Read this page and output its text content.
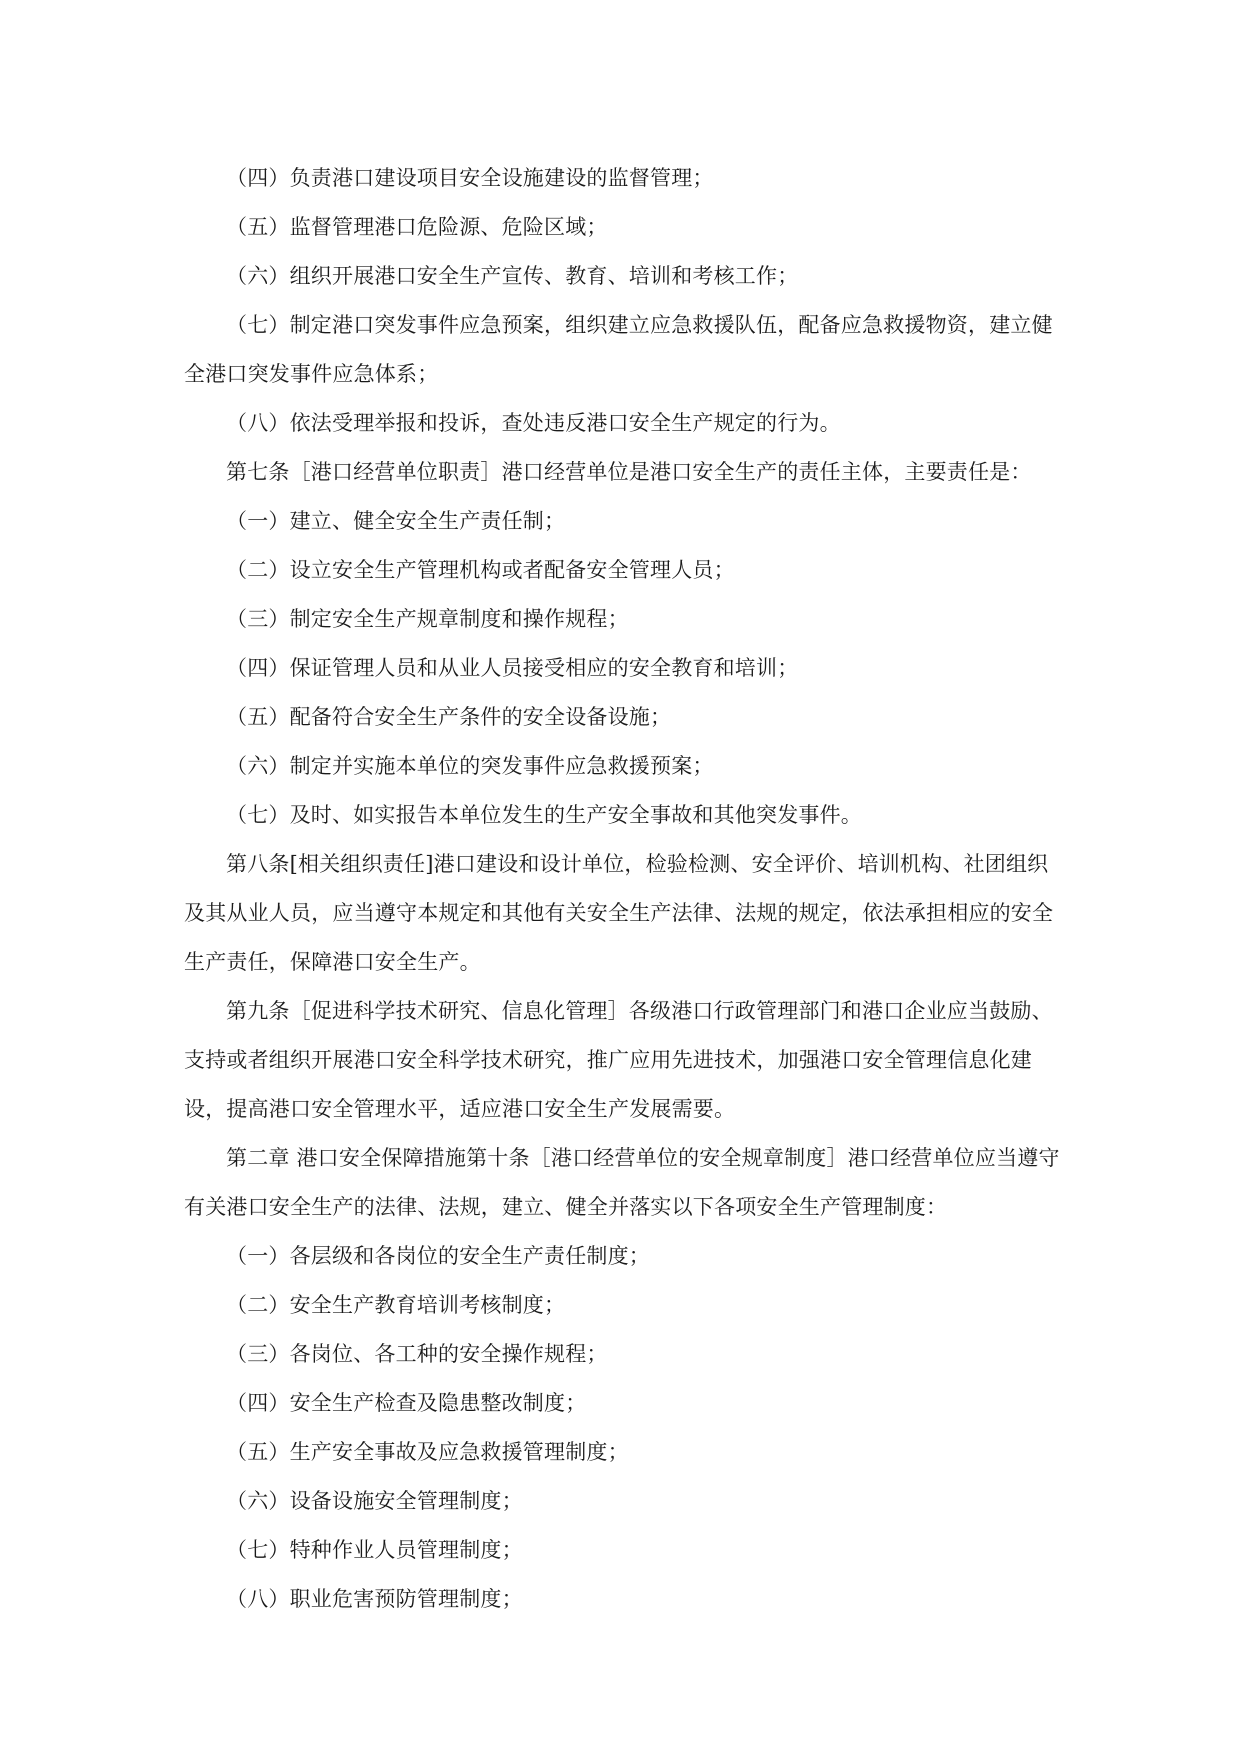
（四）负责港口建设项目安全设施建设的监督管理；

（五）监督管理港口危险源、危险区域；

（六）组织开展港口安全生产宣传、教育、培训和考核工作；

（七）制定港口突发事件应急预案，组织建立应急救援队伍，配备应急救援物资，建立健全港口突发事件应急体系；

（八）依法受理举报和投诉，查处违反港口安全生产规定的行为。

第七条［港口经营单位职责］港口经营单位是港口安全生产的责任主体，主要责任是：

（一）建立、健全安全生产责任制；

（二）设立安全生产管理机构或者配备安全管理人员；

（三）制定安全生产规章制度和操作规程；

（四）保证管理人员和从业人员接受相应的安全教育和培训；

（五）配备符合安全生产条件的安全设备设施；

（六）制定并实施本单位的突发事件应急救援预案；

（七）及时、如实报告本单位发生的生产安全事故和其他突发事件。

第八条[相关组织责任]港口建设和设计单位，检验检测、安全评价、培训机构、社团组织及其从业人员，应当遵守本规定和其他有关安全生产法律、法规的规定，依法承担相应的安全生产责任，保障港口安全生产。

第九条［促进科学技术研究、信息化管理］各级港口行政管理部门和港口企业应当鼓励、支持或者组织开展港口安全科学技术研究，推广应用先进技术，加强港口安全管理信息化建设，提高港口安全管理水平，适应港口安全生产发展需要。

第二章 港口安全保障措施第十条［港口经营单位的安全规章制度］港口经营单位应当遵守有关港口安全生产的法律、法规，建立、健全并落实以下各项安全生产管理制度：

（一）各层级和各岗位的安全生产责任制度；

（二）安全生产教育培训考核制度；

（三）各岗位、各工种的安全操作规程；

（四）安全生产检查及隐患整改制度；

（五）生产安全事故及应急救援管理制度；

（六）设备设施安全管理制度；

（七）特种作业人员管理制度；

（八）职业危害预防管理制度；
